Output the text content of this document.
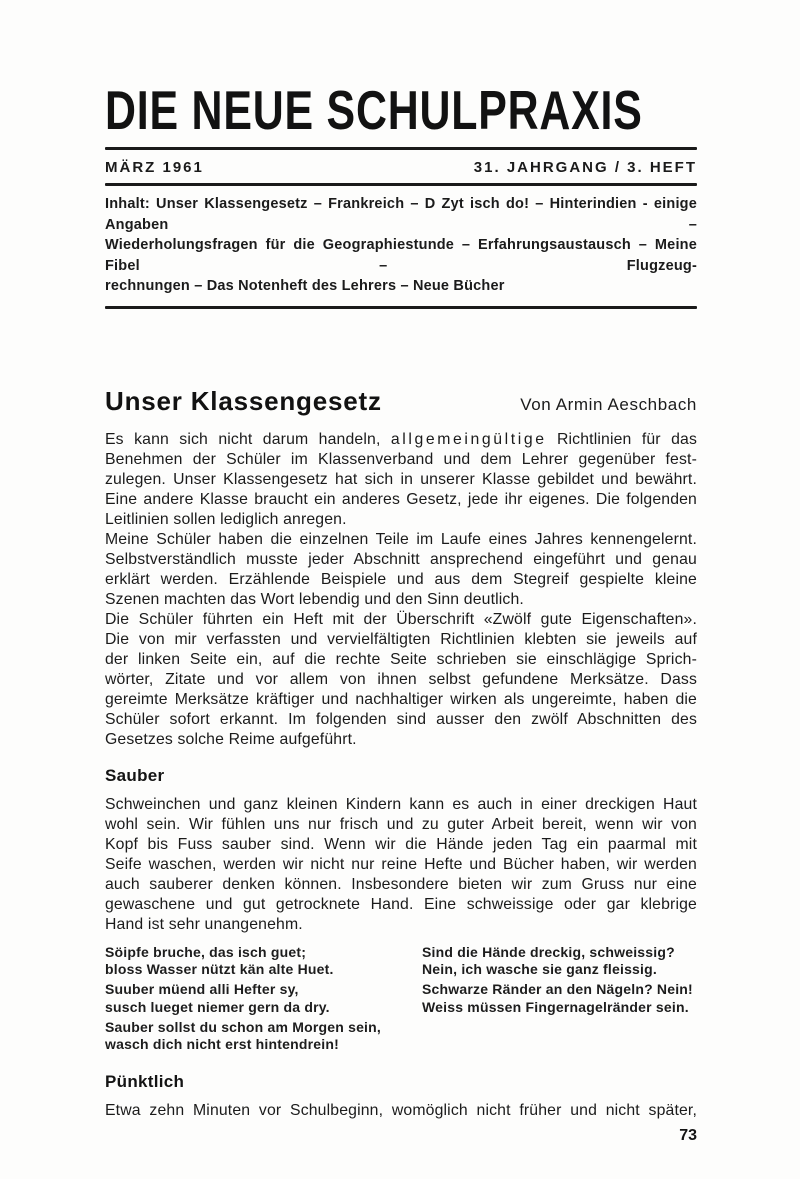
DIE NEUE SCHULPRAXIS
MÄRZ 1961	31. JAHRGANG / 3. HEFT
Inhalt: Unser Klassengesetz – Frankreich – D Zyt isch do! – Hinterindien - einige Angaben –
Wiederholungsfragen für die Geographiestunde – Erfahrungsaustausch – Meine Fibel – Flugzeug-
rechnungen – Das Notenheft des Lehrers – Neue Bücher
Unser Klassengesetz	Von Armin Aeschbach
Es kann sich nicht darum handeln, allgemeingültige Richtlinien für das
Benehmen der Schüler im Klassenverband und dem Lehrer gegenüber fest-
zulegen. Unser Klassengesetz hat sich in unserer Klasse gebildet und bewährt.
Eine andere Klasse braucht ein anderes Gesetz, jede ihr eigenes. Die folgenden
Leitlinien sollen lediglich anregen.
Meine Schüler haben die einzelnen Teile im Laufe eines Jahres kennengelernt.
Selbstverständlich musste jeder Abschnitt ansprechend eingeführt und genau
erklärt werden. Erzählende Beispiele und aus dem Stegreif gespielte kleine
Szenen machten das Wort lebendig und den Sinn deutlich.
Die Schüler führten ein Heft mit der Überschrift «Zwölf gute Eigenschaften».
Die von mir verfassten und vervielfältigten Richtlinien klebten sie jeweils auf
der linken Seite ein, auf die rechte Seite schrieben sie einschlägige Sprich-
wörter, Zitate und vor allem von ihnen selbst gefundene Merksätze. Dass
gereimte Merksätze kräftiger und nachhaltiger wirken als ungereimte, haben die
Schüler sofort erkannt. Im folgenden sind ausser den zwölf Abschnitten des
Gesetzes solche Reime aufgeführt.
Sauber
Schweinchen und ganz kleinen Kindern kann es auch in einer dreckigen Haut
wohl sein. Wir fühlen uns nur frisch und zu guter Arbeit bereit, wenn wir von
Kopf bis Fuss sauber sind. Wenn wir die Hände jeden Tag ein paarmal mit
Seife waschen, werden wir nicht nur reine Hefte und Bücher haben, wir werden
auch sauberer denken können. Insbesondere bieten wir zum Gruss nur eine
gewaschene und gut getrocknete Hand. Eine schweissige oder gar klebrige
Hand ist sehr unangenehm.
Söipfe bruche, das isch guet;
bloss Wasser nützt kän alte Huet.
Suuber müend alli Hefter sy,
susch lueget niemer gern da dry.
Sauber sollst du schon am Morgen sein,
wasch dich nicht erst hintendrein!
Sind die Hände dreckig, schweissig?
Nein, ich wasche sie ganz fleissig.
Schwarze Ränder an den Nägeln? Nein!
Weiss müssen Fingernagelränder sein.
Pünktlich
Etwa zehn Minuten vor Schulbeginn, womöglich nicht früher und nicht später,
73
